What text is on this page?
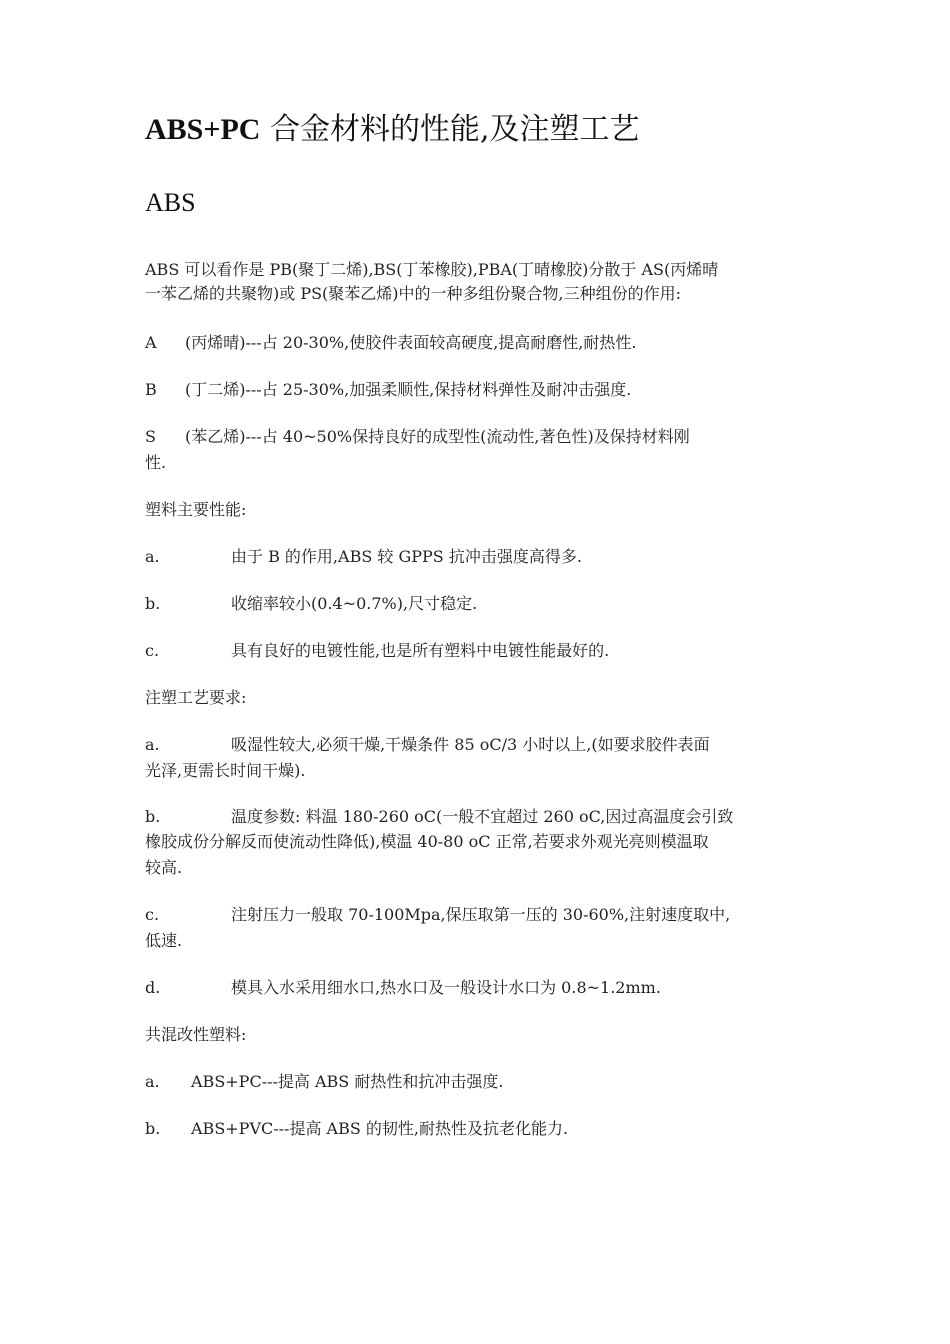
ABS+PC 合金材料的性能,及注塑工艺
ABS
ABS 可以看作是 PB(聚丁二烯),BS(丁苯橡胶),PBA(丁晴橡胶)分散于 AS(丙烯晴
一苯乙烯的共聚物)或 PS(聚苯乙烯)中的一种多组份聚合物,三种组份的作用:
A (丙烯晴)---占 20-30%,使胶件表面较高硬度,提高耐磨性,耐热性.
B (丁二烯)---占 25-30%,加强柔顺性,保持材料弹性及耐冲击强度.
S (苯乙烯)---占 40~50%保持良好的成型性(流动性,著色性)及保持材料刚
性.
塑料主要性能:
a.	由于 B 的作用,ABS 较 GPPS 抗冲击强度高得多.
b.	收缩率较小(0.4~0.7%),尺寸稳定.
c.	具有良好的电镀性能,也是所有塑料中电镀性能最好的.
注塑工艺要求:
a.	吸湿性较大,必须干燥,干燥条件 85 oC/3 小时以上,(如要求胶件表面
光泽,更需长时间干燥).
b.	温度参数: 料温 180-260 oC(一般不宜超过 260 oC,因过高温度会引致
橡胶成份分解反而使流动性降低),模温 40-80 oC 正常,若要求外观光亮则模温取
较高.
c.	注射压力一般取 70-100Mpa,保压取第一压的 30-60%,注射速度取中,
低速.
d.	模具入水采用细水口,热水口及一般设计水口为 0.8~1.2mm.
共混改性塑料:
a. ABS+PC---提高 ABS 耐热性和抗冲击强度.
b. ABS+PVC---提高 ABS 的韧性,耐热性及抗老化能力.
